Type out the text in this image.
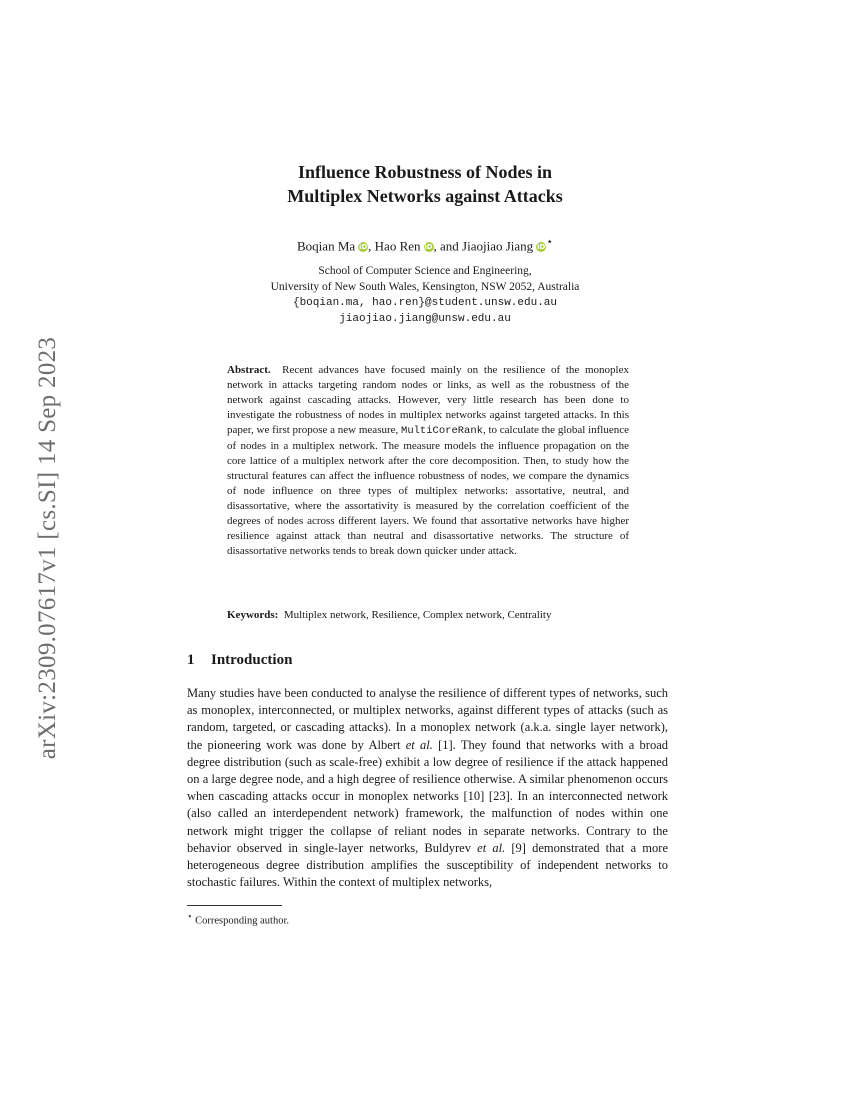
arXiv:2309.07617v1 [cs.SI] 14 Sep 2023
Influence Robustness of Nodes in
Multiplex Networks against Attacks
Boqian Ma iD, Hao Ren iD, and Jiaojiao Jiang iD⋆
School of Computer Science and Engineering,
University of New South Wales, Kensington, NSW 2052, Australia
{boqian.ma, hao.ren}@student.unsw.edu.au
jiaojiao.jiang@unsw.edu.au
Abstract. Recent advances have focused mainly on the resilience of the monoplex network in attacks targeting random nodes or links, as well as the robustness of the network against cascading attacks. However, very little research has been done to investigate the robustness of nodes in multiplex networks against targeted attacks. In this paper, we first propose a new measure, MultiCoreRank, to calculate the global influence of nodes in a multiplex network. The measure models the influence propagation on the core lattice of a multiplex network after the core decomposition. Then, to study how the structural features can affect the influence robustness of nodes, we compare the dynamics of node influence on three types of multiplex networks: assortative, neutral, and disassortative, where the assortativity is measured by the correlation coefficient of the degrees of nodes across different layers. We found that assortative networks have higher resilience against attack than neutral and disassortative networks. The structure of disassortative networks tends to break down quicker under attack.
Keywords: Multiplex network, Resilience, Complex network, Centrality
1 Introduction
Many studies have been conducted to analyse the resilience of different types of networks, such as monoplex, interconnected, or multiplex networks, against different types of attacks (such as random, targeted, or cascading attacks). In a monoplex network (a.k.a. single layer network), the pioneering work was done by Albert et al. [1]. They found that networks with a broad degree distribution (such as scale-free) exhibit a low degree of resilience if the attack happened on a large degree node, and a high degree of resilience otherwise. A similar phenomenon occurs when cascading attacks occur in monoplex networks [10] [23]. In an interconnected network (also called an interdependent network) framework, the malfunction of nodes within one network might trigger the collapse of reliant nodes in separate networks. Contrary to the behavior observed in single-layer networks, Buldyrev et al. [9] demonstrated that a more heterogeneous degree distribution amplifies the susceptibility of independent networks to stochastic failures. Within the context of multiplex networks,
⋆ Corresponding author.
